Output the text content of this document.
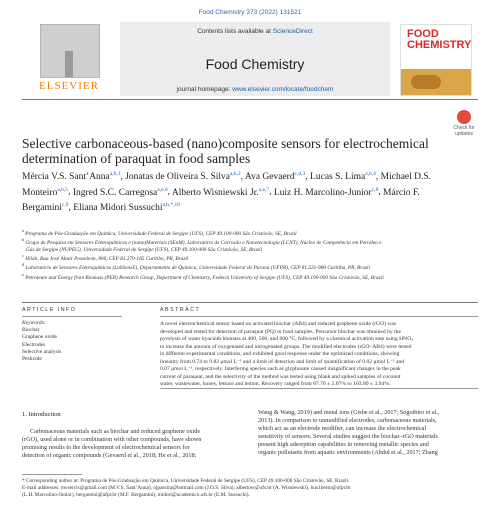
Food Chemistry 373 (2022) 131521
ELSEVIER
Contents lists available at ScienceDirect
Food Chemistry
journal homepage: www.elsevier.com/locate/foodchem
FOOD CHEMISTRY
Check for updates
Selective carbonaceous-based (nano)composite sensors for electrochemical determination of paraquat in food samples
Mércia V.S. Sant’Anna$^{a,b,1}$, Jonatas de Oliveira S. Silva$^{a,b,2}$, Ava Gevaerd$^{c,d,3}$, Lucas S. Lima$^{a,b,4}$, Michael D.S. Monteiro$^{a,b,5}$, Ingred S.C. Carregosa$^{a,e,6}$, Alberto Wisniewski Jr.$^{a,e,7}$, Luiz H. Marcolino-Junior$^{c,8}$, Márcio F. Bergamini$^{c,9}$, Eliana Midori Sussuchi$^{a,b,*,10}$
$^a$ Programa de Pós-Graduação em Química, Universidade Federal de Sergipe (UFS), CEP 49.100-000 São Cristóvão, SE, Brazil
$^b$ Grupo de Pesquisa em Sensores Eletroquímicos e (nano)Materiais (SEnM), Laboratório de Corrosão e Nanotecnologia (LCNT), Núcleo de Competência em Petróleo e
Gás de Sergipe (NUPEG), Universidade Federal de Sergipe (UFS), CEP 49.100-000 São Cristóvão, SE, Brazil
$^c$ Hilab, Rua José Altair Possebom, 800, CEP 81.270-185 Curitiba, PR, Brazil
$^d$ Laboratório de Sensores Eletroquímicos (LabSensE), Departamento de Química, Universidade Federal do Paraná (UFPR), CEP 81.531-980 Curitiba, PR, Brazil
$^e$ Petroleum and Energy from Biomass (PEB) Research Group, Department of Chemistry, Federal University of Sergipe (UFS), CEP 49.100-000 São Cristóvão, SE, Brazil
ARTICLE INFO
Keywords:
Biochar
Graphene oxide
Electrodes
Selective analysis
Pesticide
ABSTRACT
A novel electrochemical sensor based on activated biochar (AB4) and reduced graphene oxide (rGO) was
developed and tested for detection of paraquat (PQ) in food samples. Precursor biochar was obtained by the
pyrolysis of water hyacinth biomass at 400, 500, and 600 °C, followed by a chemical activation step using HNO₃
to increase the amount of oxygenated and nitrogenated groups. The modified electrodes (rGO–AB4) were tested
in different experimental conditions, and exhibited good response under the optimized conditions, showing
linearity from 0.74 to 9.82 μmol L⁻¹ and a limit of detection and limit of quantification of 0.02 μmol L⁻¹ and
0.07 μmol L⁻¹, respectively. Interfering species such as glyphosate caused insignificant changes in the peak
current of paraquat, and the selectivity of the method was tested using blank and spiked samples of coconut
water, wastewater, honey, lettuce and lemon. Recovery ranged from 87.70 ± 2.07% to 103.80 ± 3.94%.
1. Introduction
Carbonaceous materials such as biochar and reduced graphene oxide
(rGO), used alone or in combination with other compounds, have shown
promising results to the development of electrochemical sensors for
detection of organic compounds (Gevaerd et al., 2018; He et al., 2018;
Wang & Wang, 2019) and metal ions (Gisbe et al., 2017; Sogoibiro et al.,
2013). In comparison to unmodified electrodes, carbonaceous materials,
which act as an electrode modifier, can increase the electrochemical
sensitivity of sensors. Several studies suggest the biochar–rGO materials
present high adsorption capabilities in removing metallic species and
organic pollutants from aquatic environments (Abdul et al., 2017; Zhang
* Corresponding author at: Programa de Pós-Graduação em Química, Universidade Federal de Sergipe (UFS), CEP 49.100-000 São Cristóvão, SE, Brazil.
E-mail addresses: mvsercis@gmail.com (M.V.S. Sant’Anna), ojpassira@hotmail.com (J.O.S. Silva), albertow@ufs.br (A. Wisniewski), luis1berto@ufpr.br
(L.H. Marcolino-Junior), bergamini@ufpr.br (M.F. Bergamini), midori@academico.ufs.br (E.M. Sussuchi).
